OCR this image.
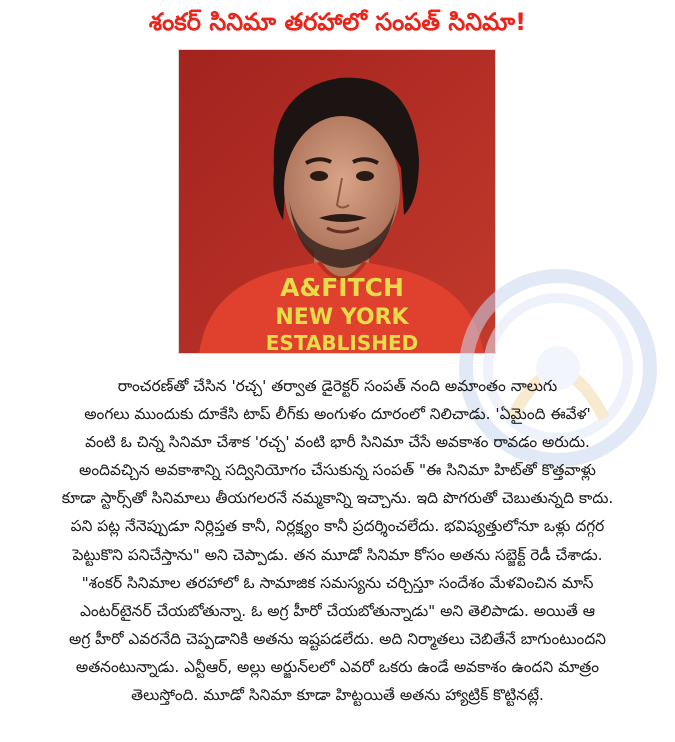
శంకర్ సినిమా తరహాలో సంపత్ సినిమా!
A&FITCH
NEW YORK
ESTABLISHED
రాంచరణ్‌తో చేసిన 'రచ్చ' తర్వాత డైరెక్టర్ సంపత్ నంది అమాంతం నాలుగు
అంగలు ముందుకు దూకేసి టాప్ లీగ్‌కు అంగుళం దూరంలో నిలిచాడు. 'ఏమైంది ఈవేళ'
వంటి ఓ చిన్న సినిమా చేశాక 'రచ్చ' వంటి భారీ సినిమా చేసే అవకాశం రావడం అరుదు.
అందివచ్చిన అవకాశాన్ని సద్వినియోగం చేసుకున్న సంపత్ "ఈ సినిమా హిట్‌తో కొత్తవాళ్లు
కూడా స్టార్స్‌తో సినిమాలు తీయగలరనే నమ్మకాన్ని ఇచ్చాను. ఇది పొగరుతో చెబుతున్నది కాదు.
పని పట్ల నేనెప్పుడూ నిర్లిప్తత కానీ, నిర్లక్ష్యం కానీ ప్రదర్శించలేదు. భవిష్యత్తులోనూ ఒళ్లు దగ్గర
పెట్టుకొని పనిచేస్తాను" అని చెప్పాడు. తన మూడో సినిమా కోసం అతను సబ్జెక్ట్ రెడీ చేశాడు.
"శంకర్ సినిమాల తరహాలో ఓ సామాజిక సమస్యను చర్చిస్తూ సందేశం మేళవించిన మాస్
ఎంటర్‌టైనర్ చేయబోతున్నా. ఓ అగ్ర హీరో చేయబోతున్నాడు" అని తెలిపాడు. అయితే ఆ
అగ్ర హీరో ఎవరనేది చెప్పడానికి అతను ఇష్టపడలేదు. అది నిర్మాతలు చెబితేనే బాగుంటుందని
అతనంటున్నాడు. ఎన్టీఆర్, అల్లు అర్జున్‌లలో ఎవరో ఒకరు ఉండే అవకాశం ఉందని మాత్రం
తెలుస్తోంది. మూడో సినిమా కూడా హిట్టయితే అతను హ్యాట్రిక్ కొట్టినట్లే.
